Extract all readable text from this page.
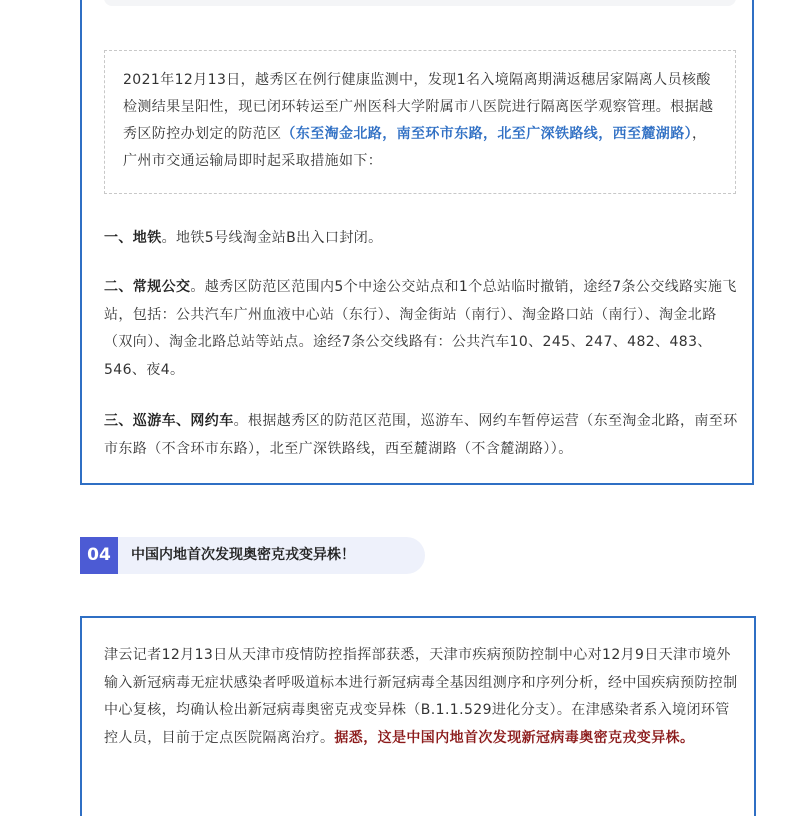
2021年12月13日，越秀区在例行健康监测中，发现1名入境隔离期满返穗居家隔离人员核酸检测结果呈阳性，现已闭环转运至广州医科大学附属市八医院进行隔离医学观察管理。根据越秀区防控办划定的防范区（东至淘金北路，南至环市东路，北至广深铁路线，西至麓湖路），广州市交通运输局即时起采取措施如下：
一、地铁。地铁5号线淘金站B出入口封闭。
二、常规公交。越秀区防范区范围内5个中途公交站点和1个总站临时撤销，途经7条公交线路实施飞站，包括：公共汽车广州血液中心站（东行）、淘金街站（南行）、淘金路口站（南行）、淘金北路（双向）、淘金北路总站等站点。途经7条公交线路有：公共汽车10、245、247、482、483、546、夜4。
三、巡游车、网约车。根据越秀区的防范区范围，巡游车、网约车暂停运营（东至淘金北路，南至环市东路（不含环市东路），北至广深铁路线，西至麓湖路（不含麓湖路））。
04	中国内地首次发现奥密克戎变异株！
津云记者12月13日从天津市疫情防控指挥部获悉，天津市疾病预防控制中心对12月9日天津市境外输入新冠病毒无症状感染者呼吸道标本进行新冠病毒全基因组测序和序列分析，经中国疾病预防控制中心复核，均确认检出新冠病毒奥密克戎变异株（B.1.1.529进化分支）。在津感染者系入境闭环管控人员，目前于定点医院隔离治疗。据悉，这是中国内地首次发现新冠病毒奥密克戎变异株。
